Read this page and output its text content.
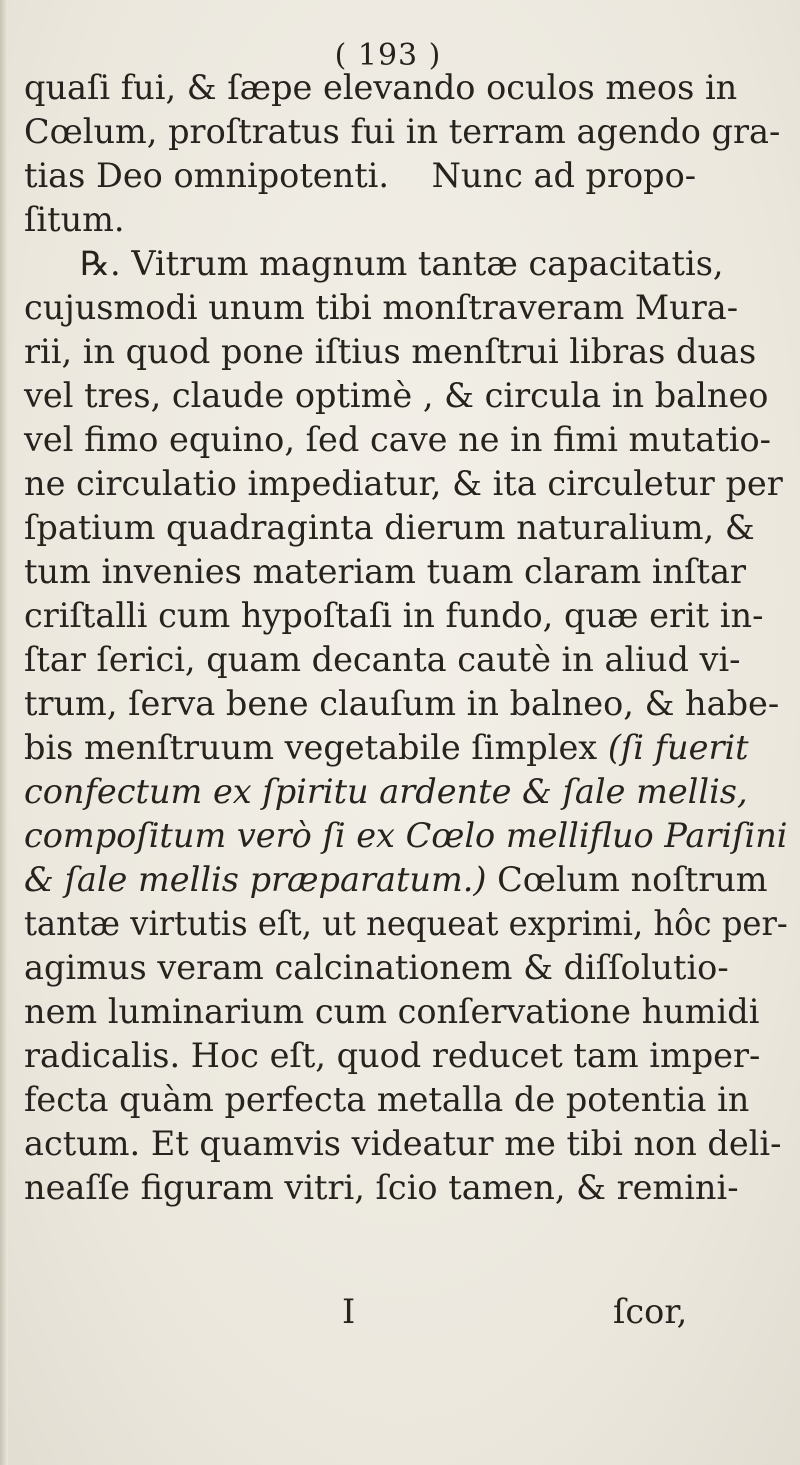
( 193 )
quaſi fui, & ſæpe elevando oculos meos in
Cœlum, proſtratus fui in terram agendo gra-
tias Deo omnipotenti.    Nunc ad propo-
ſitum.
℞. Vitrum magnum tantæ capacitatis,
cujusmodi unum tibi monſtraveram Mura-
rii, in quod pone iſtius menſtrui libras duas
vel tres, claude optimè , & circula in balneo
vel fimo equino, ſed cave ne in fimi mutatio-
ne circulatio impediatur, & ita circuletur per
ſpatium quadraginta dierum naturalium, &
tum invenies materiam tuam claram inſtar
criſtalli cum hypoſtaſi in fundo, quæ erit in-
ſtar ſerici, quam decanta cautè in aliud vi-
trum, ſerva bene clauſum in balneo, & habe-
bis menſtruum vegetabile ſimplex (ſi fuerit
confectum ex ſpiritu ardente & ſale mellis,
compoſitum verò ſi ex Cœlo mellifluo Pariſini
& ſale mellis præparatum.) Cœlum noſtrum
tantæ virtutis eſt, ut nequeat exprimi, hôc per-
agimus veram calcinationem & diſſolutio-
nem luminarium cum conſervatione humidi
radicalis. Hoc eſt, quod reducet tam imper-
fecta quàm perfecta metalla de potentia in
actum. Et quamvis videatur me tibi non deli-
neaſſe figuram vitri, ſcio tamen, & remini-
I	ſcor,
